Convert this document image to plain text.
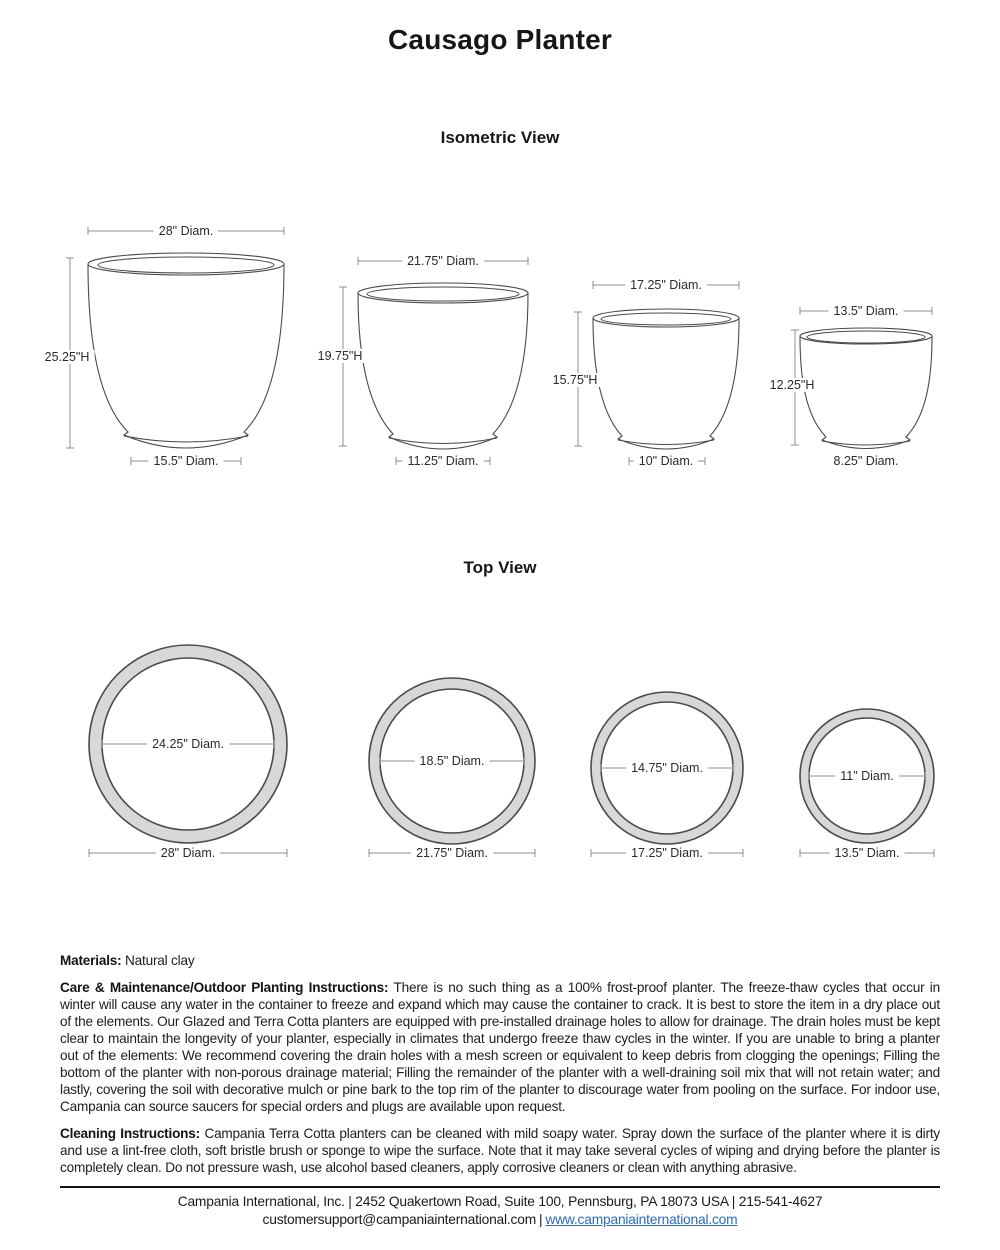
Causago Planter
Isometric View
28" Diam.
25.25"H
15.5" Diam.
21.75" Diam.
19.75"H
11.25" Diam.
17.25" Diam.
15.75"H
10" Diam.
13.5" Diam.
12.25"H
8.25" Diam.
Top View
24.25" Diam.
28" Diam.
18.5" Diam.
21.75" Diam.
14.75" Diam.
17.25" Diam.
11" Diam.
13.5" Diam.

Materials: Natural clay

Care & Maintenance/Outdoor Planting Instructions: There is no such thing as a 100% frost-proof planter. The freeze-thaw cycles that occur in winter will cause any water in the container to freeze and expand which may cause the container to crack. It is best to store the item in a dry place out of the elements. Our Glazed and Terra Cotta planters are equipped with pre-installed drainage holes to allow for drainage. The drain holes must be kept clear to maintain the longevity of your planter, especially in climates that undergo freeze thaw cycles in the winter. If you are unable to bring a planter out of the elements: We recommend covering the drain holes with a mesh screen or equivalent to keep debris from clogging the openings; Filling the bottom of the planter with non-porous drainage material; Filling the remainder of the planter with a well-draining soil mix that will not retain water; and lastly, covering the soil with decorative mulch or pine bark to the top rim of the planter to discourage water from pooling on the surface. For indoor use, Campania can source saucers for special orders and plugs are available upon request.

Cleaning Instructions: Campania Terra Cotta planters can be cleaned with mild soapy water. Spray down the surface of the planter where it is dirty and use a lint-free cloth, soft bristle brush or sponge to wipe the surface. Note that it may take several cycles of wiping and drying before the planter is completely clean. Do not pressure wash, use alcohol based cleaners, apply corrosive cleaners or clean with anything abrasive.

Campania International, Inc. | 2452 Quakertown Road, Suite 100, Pennsburg, PA 18073 USA | 215-541-4627
customersupport@campaniainternational.com | www.campaniainternational.com
